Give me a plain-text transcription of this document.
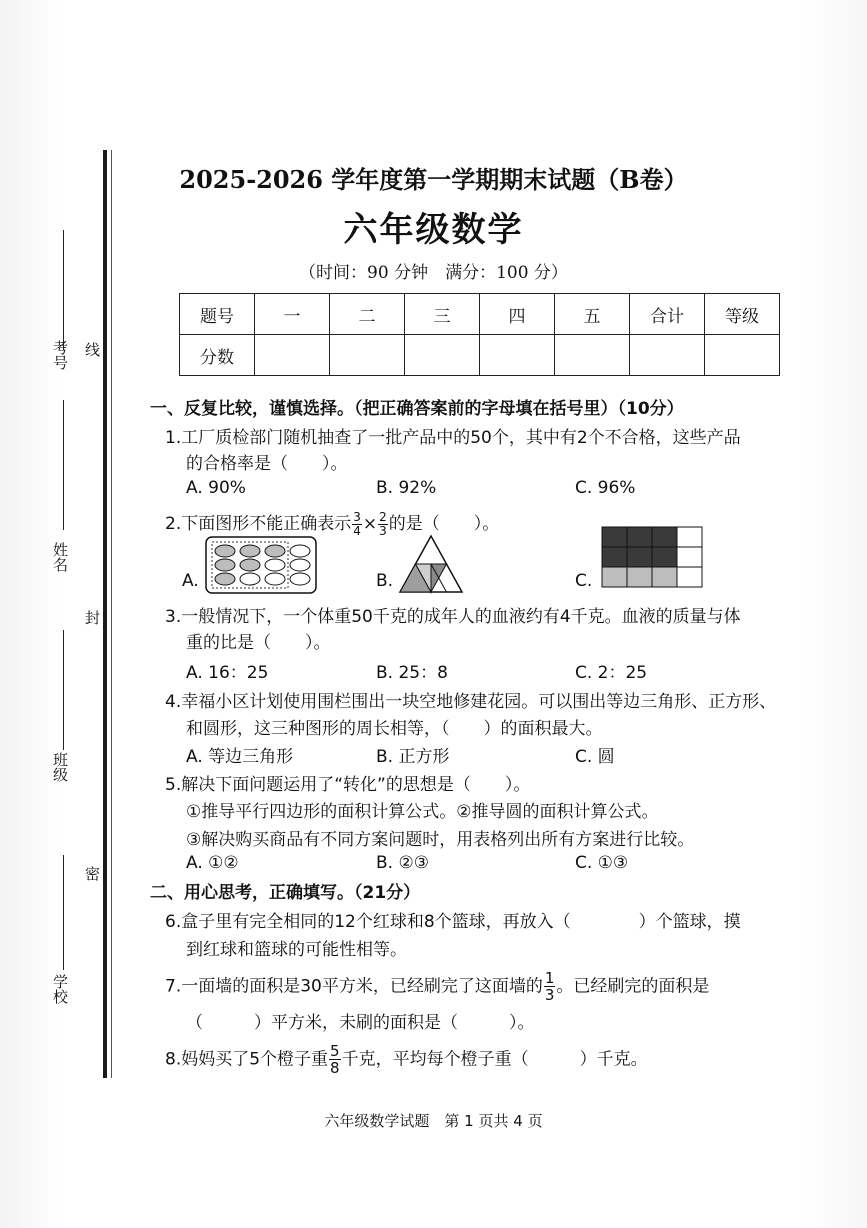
考号 线
姓名
封
班级
密
学校
2025-2026 学年度第一学期期末试题（B卷）
六年级数学
（时间：90 分钟　满分：100 分）
题号	一	二	三	四	五	合计	等级
分数							
一、反复比较，谨慎选择。（把正确答案前的字母填在括号里）（10分）
1.工厂质检部门随机抽查了一批产品中的50个，其中有2个不合格，这些产品
的合格率是（　　）。
A. 90%	B. 92%	C. 96%
2.下面图形不能正确表示 $\frac{3}{4} \times \frac{2}{3}$ 的是（　　）。
A.	B.	C.
3.一般情况下，一个体重50千克的成年人的血液约有4千克。血液的质量与体
重的比是（　　）。
A. 16：25	B. 25：8	C. 2：25
4.幸福小区计划使用围栏围出一块空地修建花园。可以围出等边三角形、正方形、
和圆形，这三种图形的周长相等，（　　）的面积最大。
A. 等边三角形	B. 正方形	C. 圆
5.解决下面问题运用了“转化”的思想是（　　）。
①推导平行四边形的面积计算公式。②推导圆的面积计算公式。
③解决购买商品有不同方案问题时，用表格列出所有方案进行比较。
A. ①②	B. ②③	C. ①③
二、用心思考，正确填写。（21分）
6.盒子里有完全相同的12个红球和8个篮球，再放入（　　　　）个篮球，摸
到红球和篮球的可能性相等。
7.一面墙的面积是30平方米，已经刷完了这面墙的 $\frac{1}{3}$ 。已经刷完的面积是
（　　　）平方米，未刷的面积是（　　　）。
8.妈妈买了5个橙子重 $\frac{5}{8}$ 千克，平均每个橙子重（　　　）千克。
六年级数学试题　第 1 页共 4 页
